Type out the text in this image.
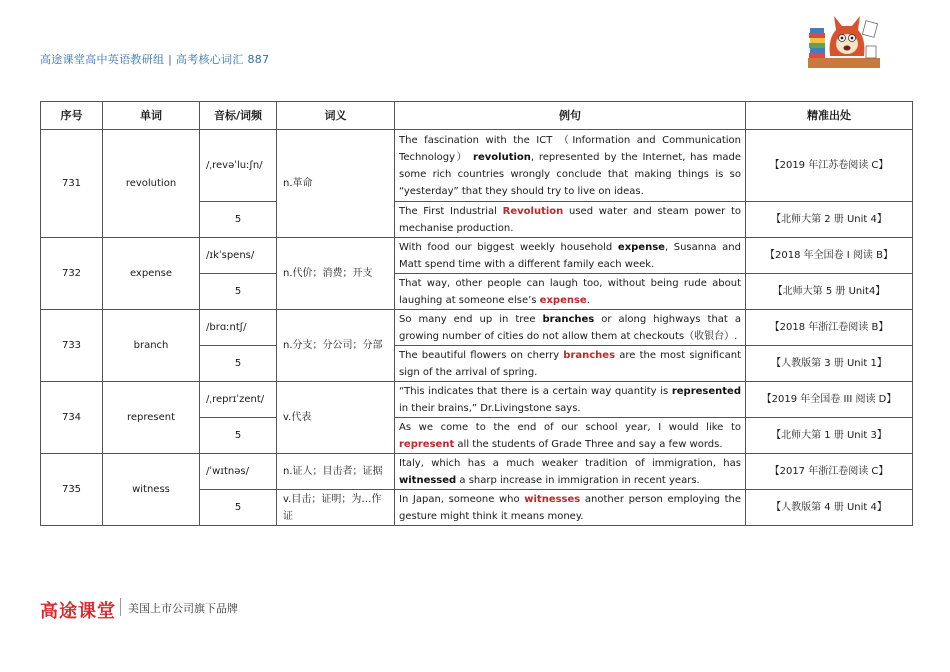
高途课堂高中英语教研组 | 高考核心词汇 887
序号	单词	音标/词频	词义	例句	精准出处
731	revolution	/ˌrevəˈluːʃn/	n.革命	The fascination with the ICT （Information and Communication Technology） revolution, represented by the Internet, has made some rich countries wrongly conclude that making things is so “yesterday” that they should try to live on ideas.	【2019 年江苏卷阅读 C】
		5		The First Industrial Revolution used water and steam power to mechanise production.	【北师大第 2 册 Unit 4】
732	expense	/ɪkˈspens/	n.代价；消费；开支	With food our biggest weekly household expense, Susanna and Matt spend time with a different family each week.	【2018 年全国卷 I 阅读 B】
		5		That way, other people can laugh too, without being rude about laughing at someone else’s expense.	【北师大第 5 册 Unit4】
733	branch	/brɑːntʃ/	n.分支；分公司；分部	So many end up in tree branches or along highways that a growing number of cities do not allow them at checkouts（收银台）.	【2018 年浙江卷阅读 B】
		5		The beautiful flowers on cherry branches are the most significant sign of the arrival of spring.	【人教版第 3 册 Unit 1】
734	represent	/ˌreprɪˈzent/	v.代表	“This indicates that there is a certain way quantity is represented in their brains,” Dr.Livingstone says.	【2019 年全国卷 III 阅读 D】
		5		As we come to the end of our school year, I would like to represent all the students of Grade Three and say a few words.	【北师大第 1 册 Unit 3】
735	witness	/ˈwɪtnəs/	n.证人；目击者；证据	Italy, which has a much weaker tradition of immigration, has witnessed a sharp increase in immigration in recent years.	【2017 年浙江卷阅读 C】
		5	v.目击；证明；为…作证	In Japan, someone who witnesses another person employing the gesture might think it means money.	【人教版第 4 册 Unit 4】
高途课堂 美国上市公司旗下品牌
